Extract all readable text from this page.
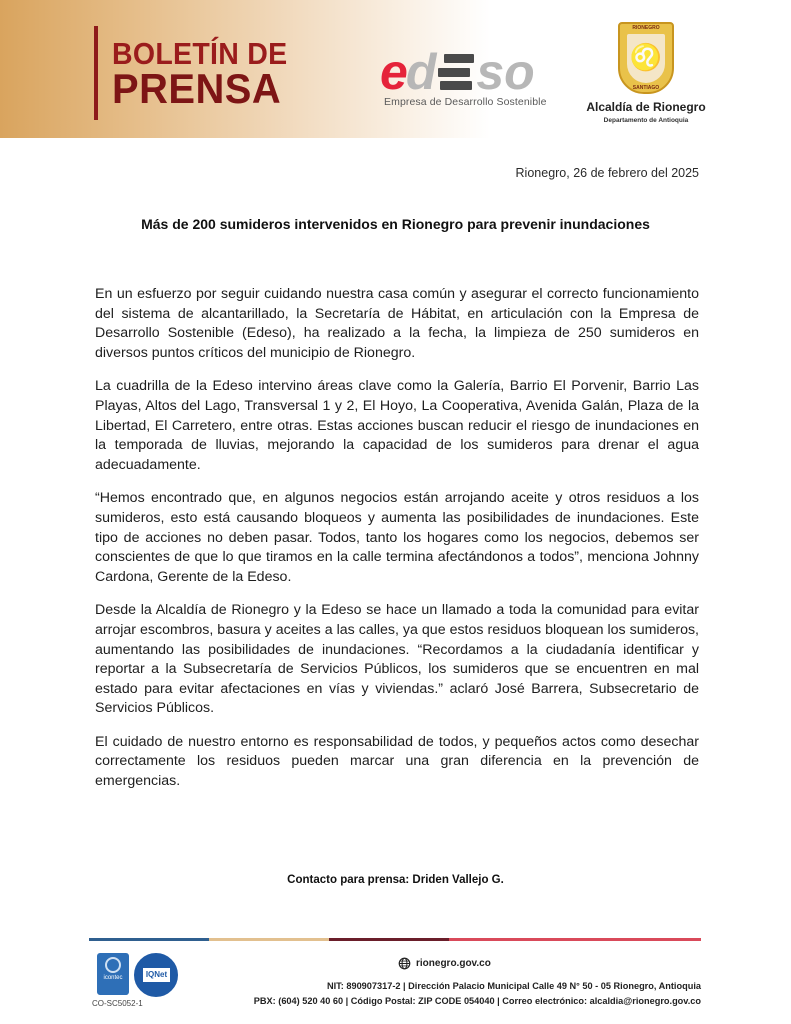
BOLETÍN DE
PRENSA e
d so
Empresa de Desarrollo Sostenible
RIONEGRO
♌
SANTIAGO
Alcaldía de Rionegro
Departamento de Antioquia
Rionegro, 26 de febrero del 2025
Más de 200 sumideros intervenidos en Rionegro para prevenir inundaciones

En un esfuerzo por seguir cuidando nuestra casa común y asegurar el correcto funcionamiento del sistema de alcantarillado, la Secretaría de Hábitat, en articulación con la Empresa de Desarrollo Sostenible (Edeso), ha realizado a la fecha, la limpieza de 250 sumideros en diversos puntos críticos del municipio de Rionegro.

La cuadrilla de la Edeso intervino áreas clave como la Galería, Barrio El Porvenir, Barrio Las Playas, Altos del Lago, Transversal 1 y 2, El Hoyo, La Cooperativa, Avenida Galán, Plaza de la Libertad, El Carretero, entre otras. Estas acciones buscan reducir el riesgo de inundaciones en la temporada de lluvias, mejorando la capacidad de los sumideros para drenar el agua adecuadamente.

“Hemos encontrado que, en algunos negocios están arrojando aceite y otros residuos a los sumideros, esto está causando bloqueos y aumenta las posibilidades de inundaciones. Este tipo de acciones no deben pasar. Todos, tanto los hogares como los negocios, debemos ser conscientes de que lo que tiramos en la calle termina afectándonos a todos”, menciona Johnny Cardona, Gerente de la Edeso.

Desde la Alcaldía de Rionegro y la Edeso se hace un llamado a toda la comunidad para evitar arrojar escombros, basura y aceites a las calles, ya que estos residuos bloquean los sumideros, aumentando las posibilidades de inundaciones. “Recordamos a la ciudadanía identificar y reportar a la Subsecretaría de Servicios Públicos, los sumideros que se encuentren en mal estado para evitar afectaciones en vías y viviendas.” aclaró José Barrera, Subsecretario de Servicios Públicos.

El cuidado de nuestro entorno es responsabilidad de todos, y pequeños actos como desechar correctamente los residuos pueden marcar una gran diferencia en la prevención de emergencias.

Contacto para prensa: Driden Vallejo G.
icontec	IQNet
CO-SC5052-1
rionegro.gov.co
NIT: 890907317-2 | Dirección Palacio Municipal Calle 49 N° 50 - 05 Rionegro, Antioquia
PBX: (604) 520 40 60 | Código Postal: ZIP CODE 054040 | Correo electrónico: alcaldia@rionegro.gov.co
